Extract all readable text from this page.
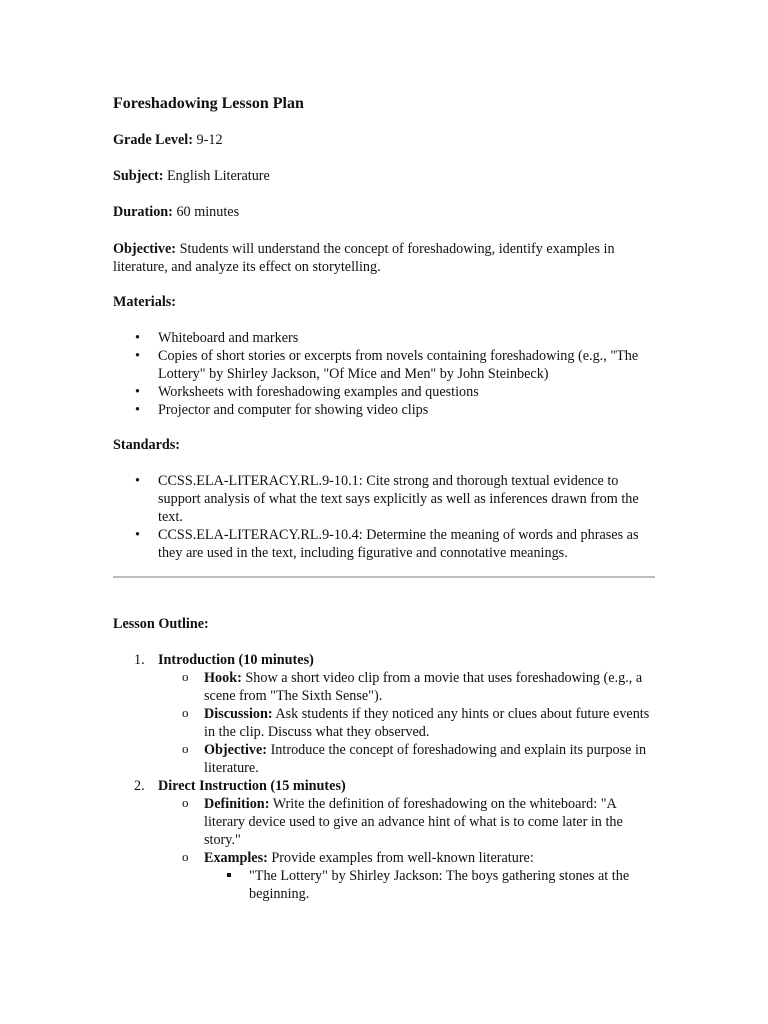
Foreshadowing Lesson Plan
Grade Level: 9-12
Subject: English Literature
Duration: 60 minutes
Objective: Students will understand the concept of foreshadowing, identify examples in literature, and analyze its effect on storytelling.
Materials:
• Whiteboard and markers
• Copies of short stories or excerpts from novels containing foreshadowing (e.g., "The Lottery" by Shirley Jackson, "Of Mice and Men" by John Steinbeck)
• Worksheets with foreshadowing examples and questions
• Projector and computer for showing video clips
Standards:
• CCSS.ELA-LITERACY.RL.9-10.1: Cite strong and thorough textual evidence to support analysis of what the text says explicitly as well as inferences drawn from the text.
• CCSS.ELA-LITERACY.RL.9-10.4: Determine the meaning of words and phrases as they are used in the text, including figurative and connotative meanings.
Lesson Outline:
1. Introduction (10 minutes)
o Hook: Show a short video clip from a movie that uses foreshadowing (e.g., a scene from "The Sixth Sense").
o Discussion: Ask students if they noticed any hints or clues about future events in the clip. Discuss what they observed.
o Objective: Introduce the concept of foreshadowing and explain its purpose in literature.
2. Direct Instruction (15 minutes)
o Definition: Write the definition of foreshadowing on the whiteboard: "A literary device used to give an advance hint of what is to come later in the story."
o Examples: Provide examples from well-known literature:
"The Lottery" by Shirley Jackson: The boys gathering stones at the beginning.
